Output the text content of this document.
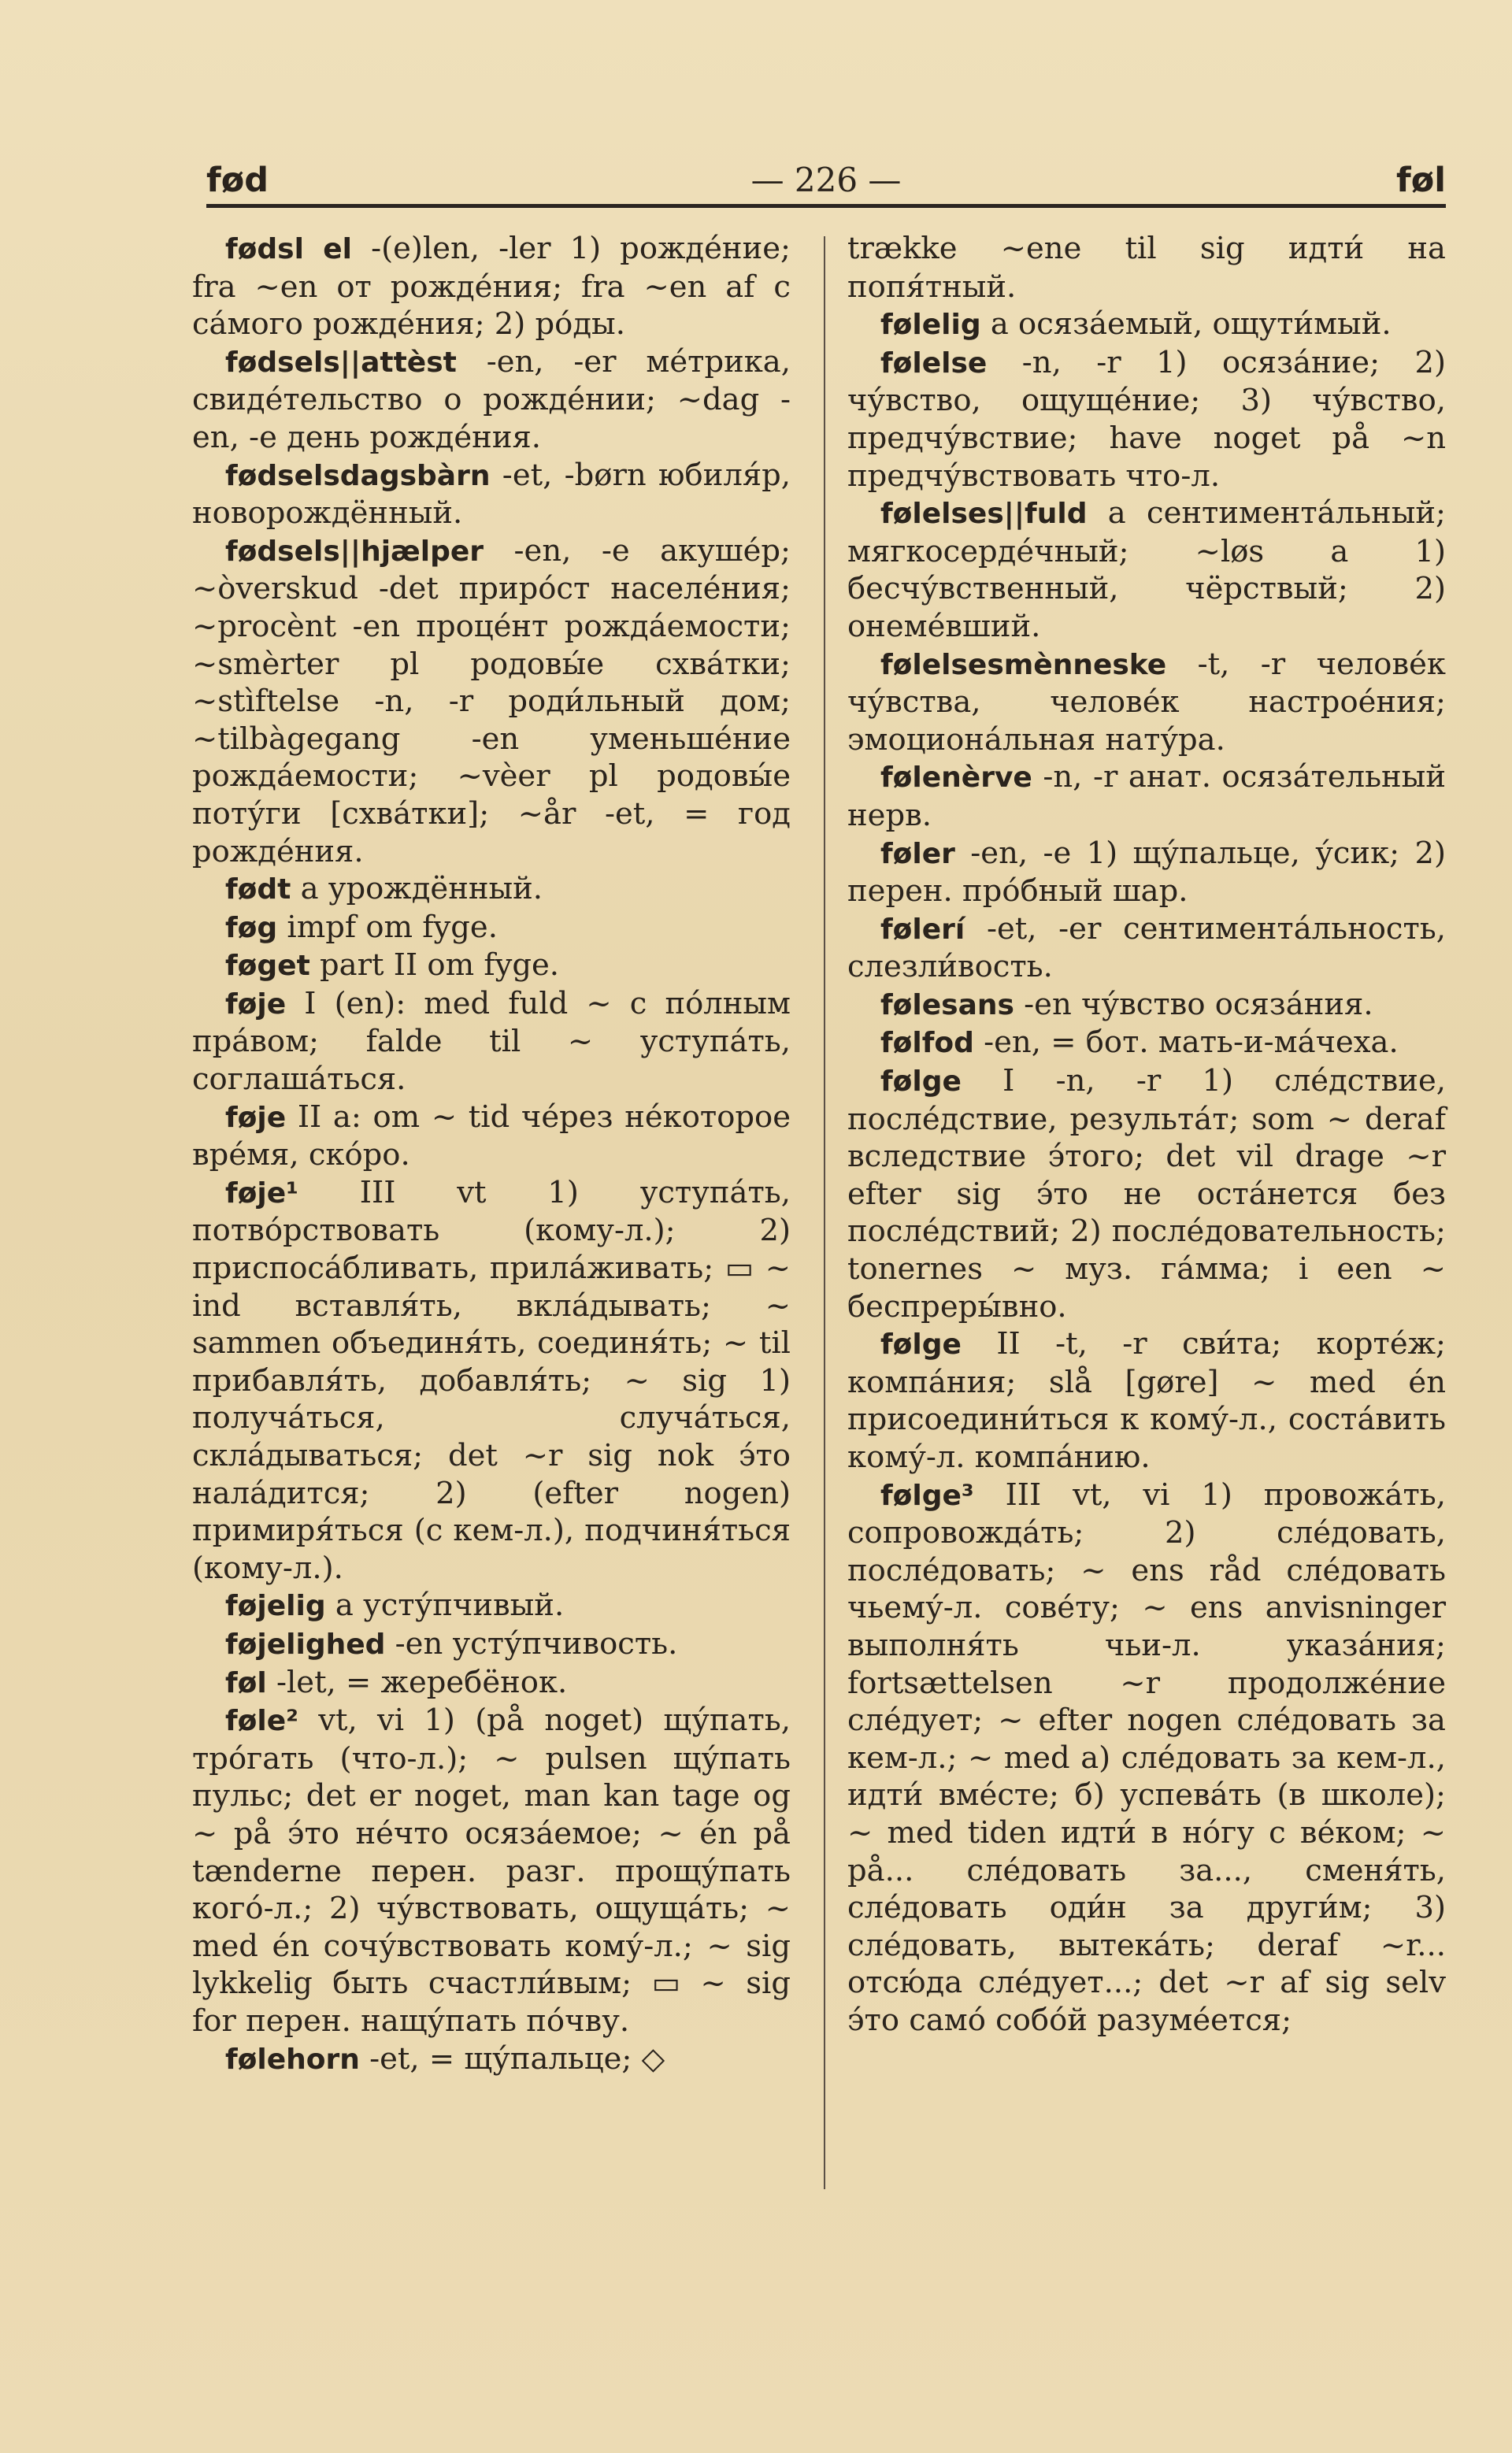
fød	— 226 —	føl

fødsl el -(e)len, -ler 1) рожде́ние; fra ~en от рожде́ния; fra ~en af с са́мого рожде́ния; 2) ро́ды.

fødsels||attèst -en, -er ме́трика, свиде́тельство о рожде́нии; ~dag -en, -e день рожде́ния.

fødselsdagsbàrn -et, -børn юбиля́р, новорождённый.

fødsels||hjælper -en, -e акуше́р; ~òverskud -det приро́ст населе́ния; ~procènt -en проце́нт рожда́емости; ~smèrter pl родовы́е схва́тки; ~stìftelse -n, -r роди́льный дом; ~tilbàgegang -en уменьше́ние рожда́емости; ~vèer pl родовы́е поту́ги [схва́тки]; ~år -et, = год рожде́ния.

født a урождённый.

føg impf om fyge.

føget part II om fyge.

føje I (en): med fuld ~ с по́лным пра́вом; falde til ~ уступа́ть, соглаша́ться.

føje II a: om ~ tid че́рез не́которое вре́мя, ско́ро.

føje¹ III vt 1) уступа́ть, потво́рствовать (кому-л.); 2) приспоса́бливать, прила́живать; ▭ ~ ind вставля́ть, вкла́дывать; ~ sammen объединя́ть, соединя́ть; ~ til прибавля́ть, добавля́ть; ~ sig 1) получа́ться, случа́ться, скла́дываться; det ~r sig nok э́то нала́дится; 2) (efter nogen) примиря́ться (с кем-л.), подчиня́ться (кому-л.).

føjelig a усту́пчивый.

føjelighed -en усту́пчивость.

føl -let, = жеребёнок.

føle² vt, vi 1) (på noget) щу́пать, тро́гать (что-л.); ~ pulsen щу́пать пульс; det er noget, man kan tage og ~ på э́то не́что осяза́емое; ~ én på tænderne перен. разг. прощу́пать кого́-л.; 2) чу́вствовать, ощуща́ть; ~ med én сочу́вствовать кому́-л.; ~ sig lykkelig быть счастли́вым; ▭ ~ sig for перен. нащу́пать по́чву.

følehorn -et, = щу́пальце; ◇

trække ~ene til sig идти́ на попя́тный.

følelig a осяза́емый, ощути́мый.

følelse -n, -r 1) осяза́ние; 2) чу́вство, ощуще́ние; 3) чу́вство, предчу́вствие; have noget på ~n предчу́вствовать что-л.

følelses||fuld a сентимента́льный; мягкосерде́чный; ~løs a 1) бесчу́вственный, чёрствый; 2) онеме́вший.

følelsesmènneske -t, -r челове́к чу́вства, челове́к настрое́ния; эмоциона́льная нату́ра.

følenèrve -n, -r анат. осяза́тельный нерв.

føler -en, -e 1) щу́пальце, у́сик; 2) перен. про́бный шар.

følerí -et, -er сентимента́льность, слезли́вость.

følesans -en чу́вство осяза́ния.

følfod -en, = бот. мать-и-ма́чеха.

følge I -n, -r 1) сле́дствие, после́дствие, результа́т; som ~ deraf вследствие э́того; det vil drage ~r efter sig э́то не оста́нется без после́дствий; 2) после́довательность; tonernes ~ муз. га́мма; i een ~ беспреры́вно.

følge II -t, -r сви́та; корте́ж; компа́ния; slå [gøre] ~ med én присоедини́ться к кому́-л., соста́вить кому́-л. компа́нию.

følge³ III vt, vi 1) провожа́ть, сопровожда́ть; 2) сле́довать, после́довать; ~ ens råd сле́довать чьему́-л. сове́ту; ~ ens anvisninger выполня́ть чьи-л. указа́ния; fortsættelsen ~r продолже́ние сле́дует; ~ efter nogen сле́довать за кем-л.; ~ med а) сле́довать за кем-л., идти́ вме́сте; б) успева́ть (в школе); ~ med tiden идти́ в но́гу с ве́ком; ~ på... сле́довать за..., сменя́ть, сле́довать оди́н за други́м; 3) сле́довать, вытека́ть; deraf ~r... отсю́да сле́дует...; det ~r af sig selv э́то само́ собо́й разуме́ется;
